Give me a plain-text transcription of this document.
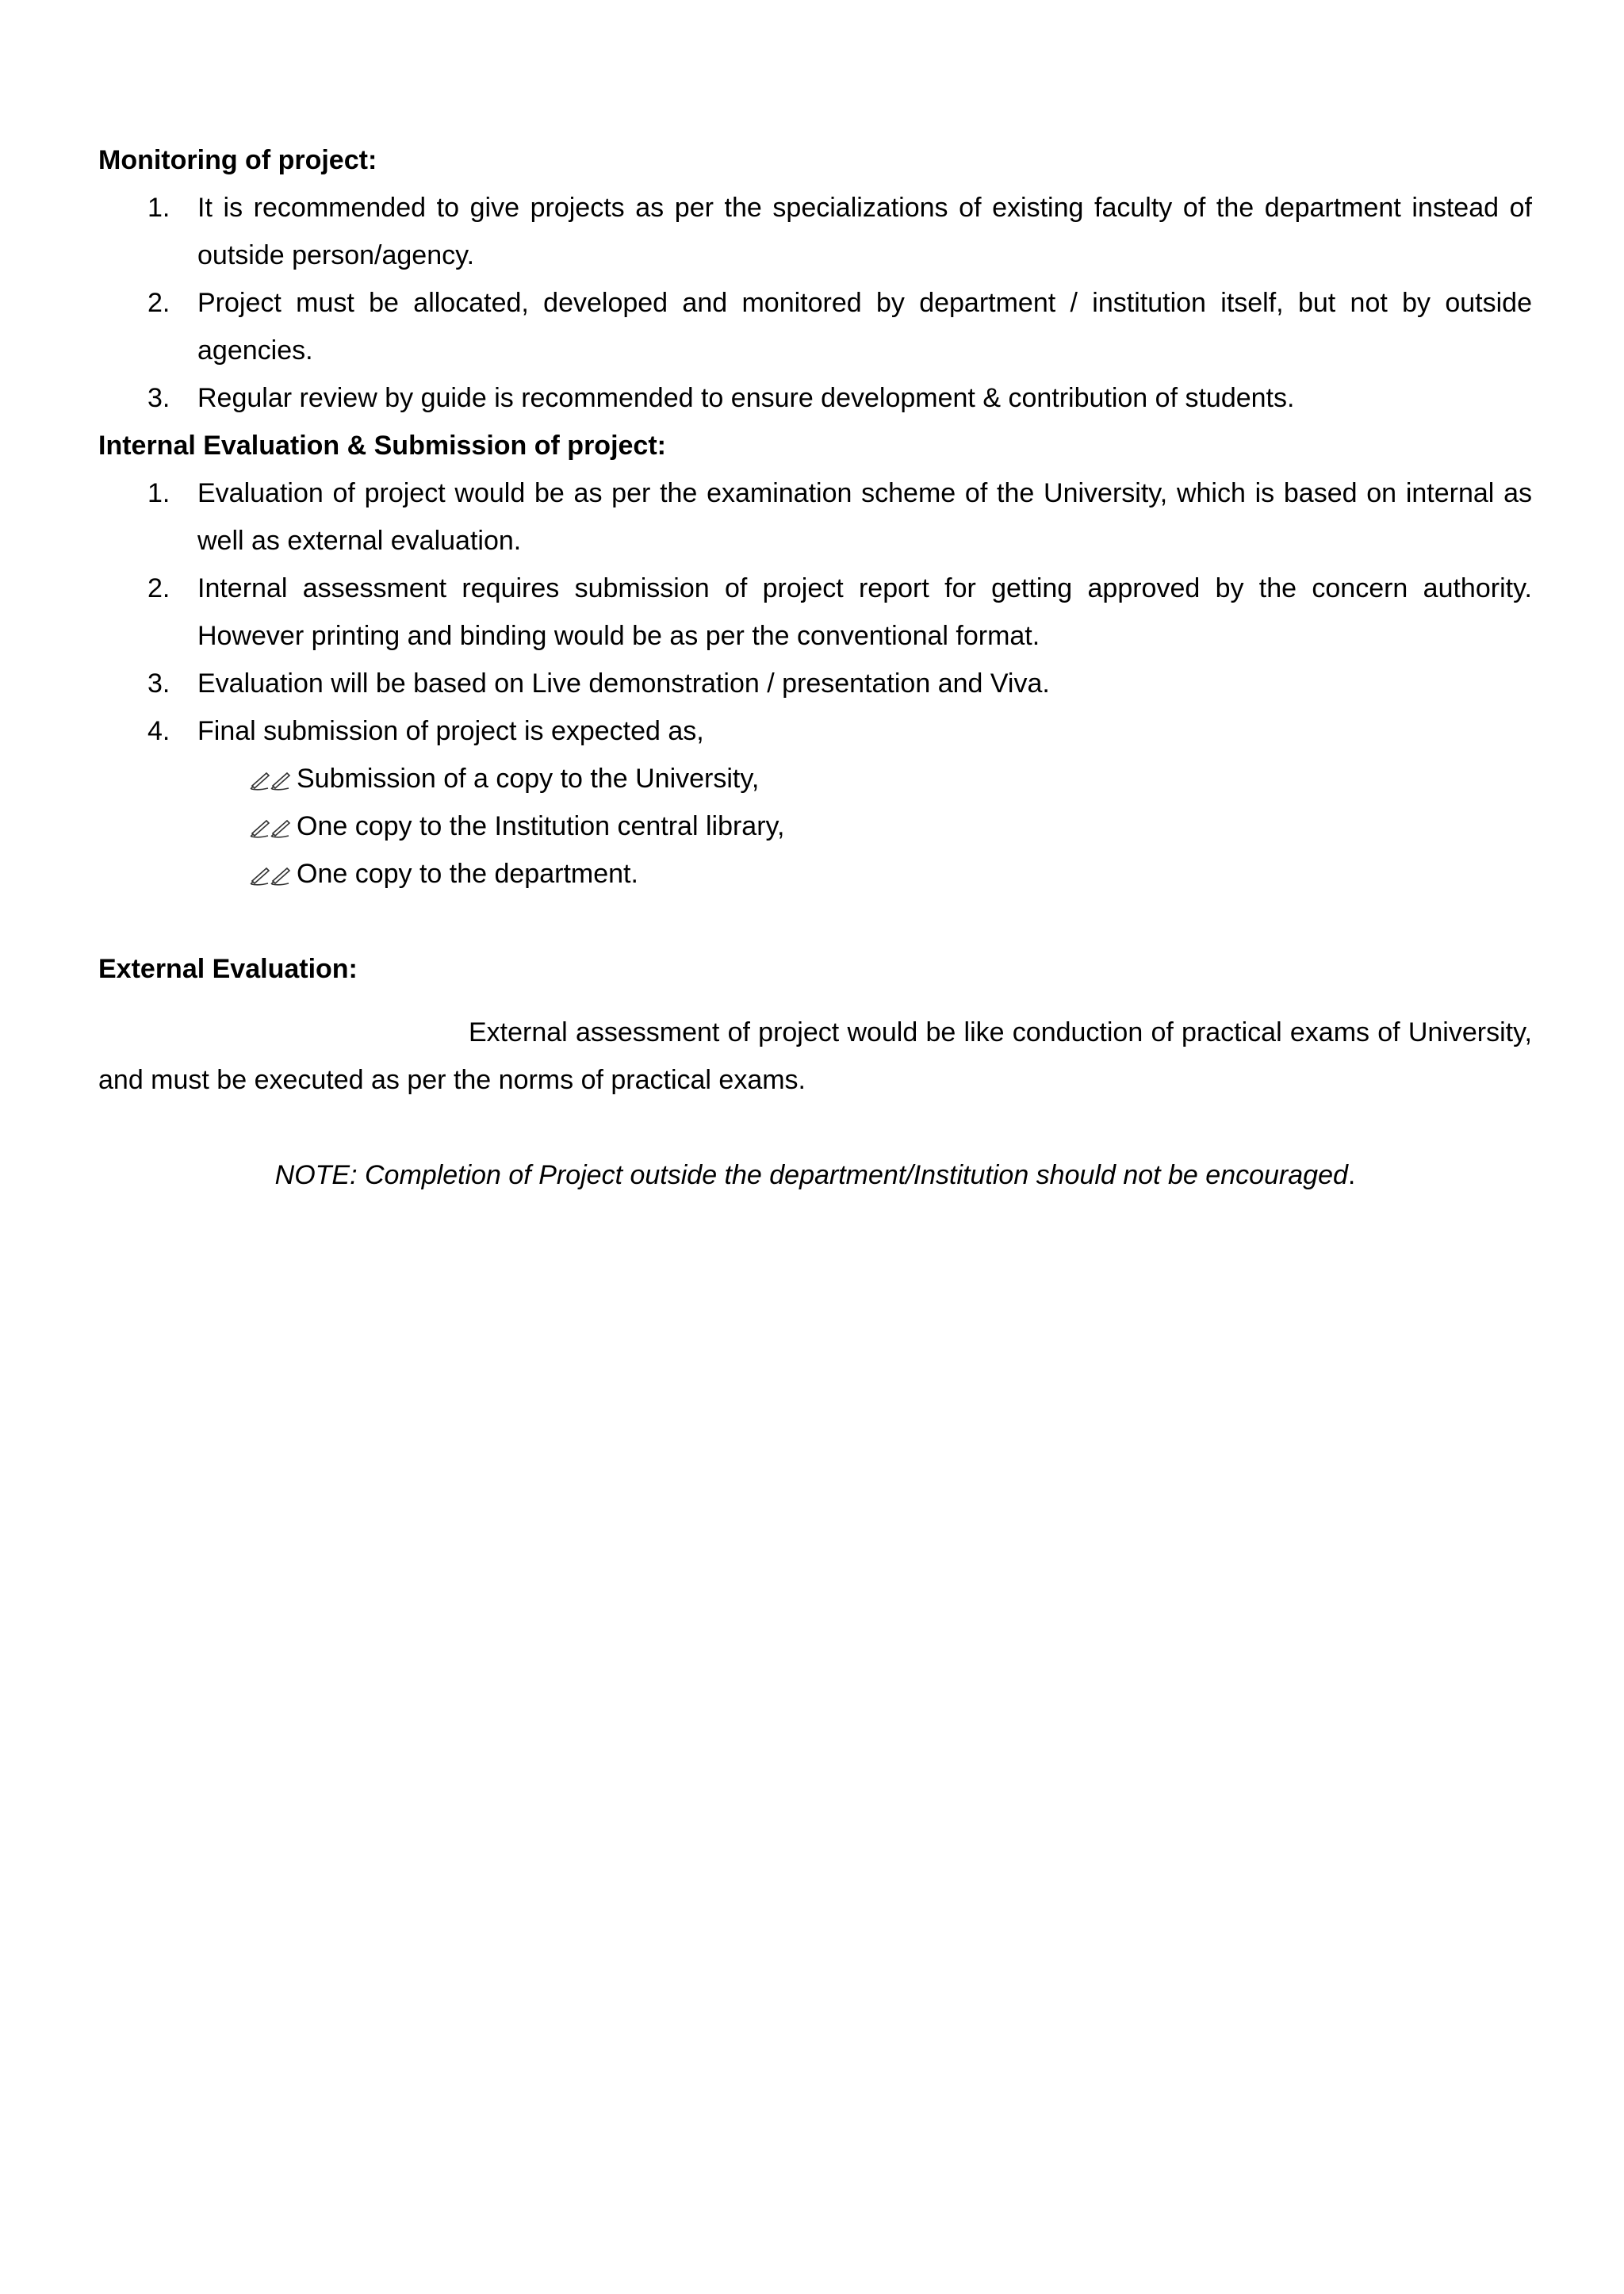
Monitoring of project:

1. It is recommended to give projects as per the specializations of existing faculty of the department instead of outside person/agency.
2. Project must be allocated, developed and monitored by department / institution itself, but not by outside agencies.
3. Regular review by guide is recommended to ensure development & contribution of students.

Internal Evaluation & Submission of project:

1. Evaluation of project would be as per the examination scheme of the University, which is based on internal as well as external evaluation.
2. Internal assessment requires submission of project report for getting approved by the concern authority. However printing and binding would be as per the conventional format.
3. Evaluation will be based on Live demonstration / presentation and Viva.
4. Final submission of project is expected as,
Submission of a copy to the University,
One copy to the Institution central library,
One copy to the department.

External Evaluation:

External assessment of project would be like conduction of practical exams of University, and must be executed as per the norms of practical exams.

NOTE: Completion of Project outside the department/Institution should not be encouraged.
